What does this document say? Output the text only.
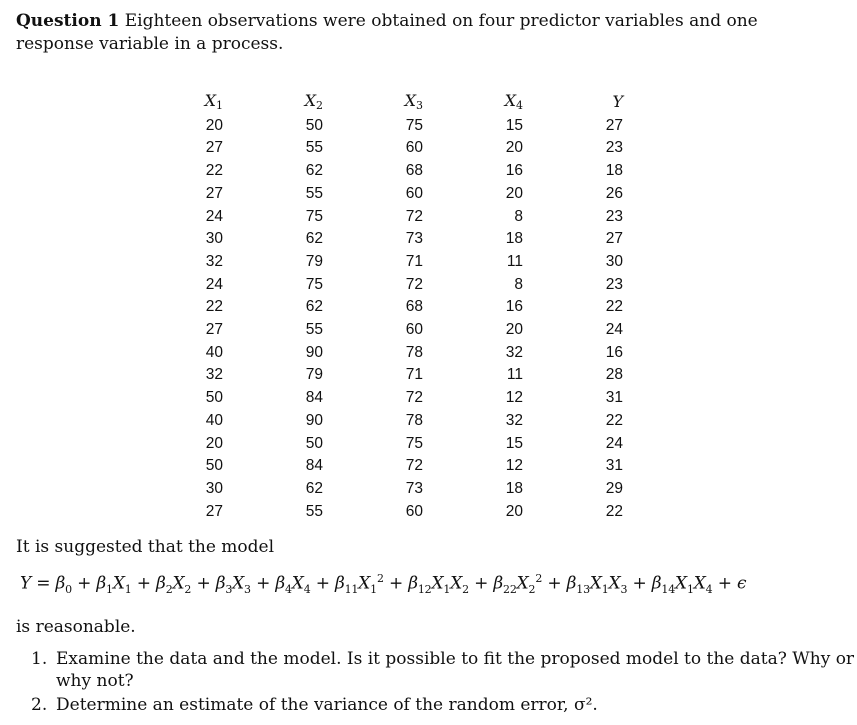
Question 1 Eighteen observations were obtained on four predictor variables and one response variable in a process.
X1	X2	X3	X4	Y
20	50	75	15	27
27	55	60	20	23
22	62	68	16	18
27	55	60	20	26
24	75	72	8	23
30	62	73	18	27
32	79	71	11	30
24	75	72	8	23
22	62	68	16	22
27	55	60	20	24
40	90	78	32	16
32	79	71	11	28
50	84	72	12	31
40	90	78	32	22
20	50	75	15	24
50	84	72	12	31
30	62	73	18	29
27	55	60	20	22
It is suggested that the model
$Y = \beta_0 + \beta_1X_1 + \beta_2X_2 + \beta_3X_3 + \beta_4X_4 + \beta_{11}X_1^2 + \beta_{12}X_1X_2 + \beta_{22}X_2^2 + \beta_{13}X_1X_3 + \beta_{14}X_1X_4 + \epsilon$
is reasonable.
1. Examine the data and the model. Is it possible to fit the proposed model to the data? Why or why not?
2. Determine an estimate of the variance of the random error, σ².
